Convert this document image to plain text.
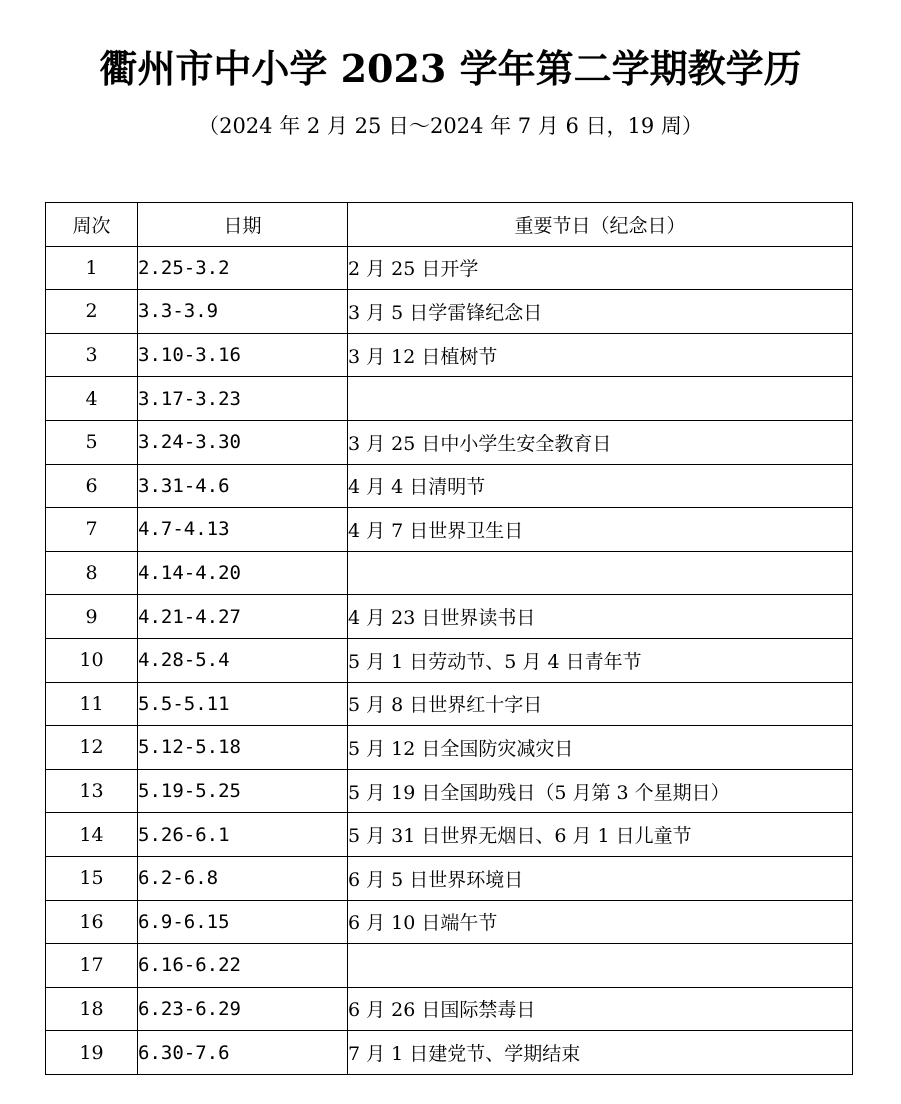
衢州市中小学 2023 学年第二学期教学历
（2024 年 2 月 25 日～2024 年 7 月 6 日，19 周）
周次	日期	重要节日（纪念日）
1	2.25-3.2	2 月 25 日开学
2	3.3-3.9	3 月 5 日学雷锋纪念日
3	3.10-3.16	3 月 12 日植树节
4	3.17-3.23	
5	3.24-3.30	3 月 25 日中小学生安全教育日
6	3.31-4.6	4 月 4 日清明节
7	4.7-4.13	4 月 7 日世界卫生日
8	4.14-4.20	
9	4.21-4.27	4 月 23 日世界读书日
10	4.28-5.4	5 月 1 日劳动节、5 月 4 日青年节
11	5.5-5.11	5 月 8 日世界红十字日
12	5.12-5.18	5 月 12 日全国防灾减灾日
13	5.19-5.25	5 月 19 日全国助残日（5 月第 3 个星期日）
14	5.26-6.1	5 月 31 日世界无烟日、6 月 1 日儿童节
15	6.2-6.8	6 月 5 日世界环境日
16	6.9-6.15	6 月 10 日端午节
17	6.16-6.22	
18	6.23-6.29	6 月 26 日国际禁毒日
19	6.30-7.6	7 月 1 日建党节、学期结束
